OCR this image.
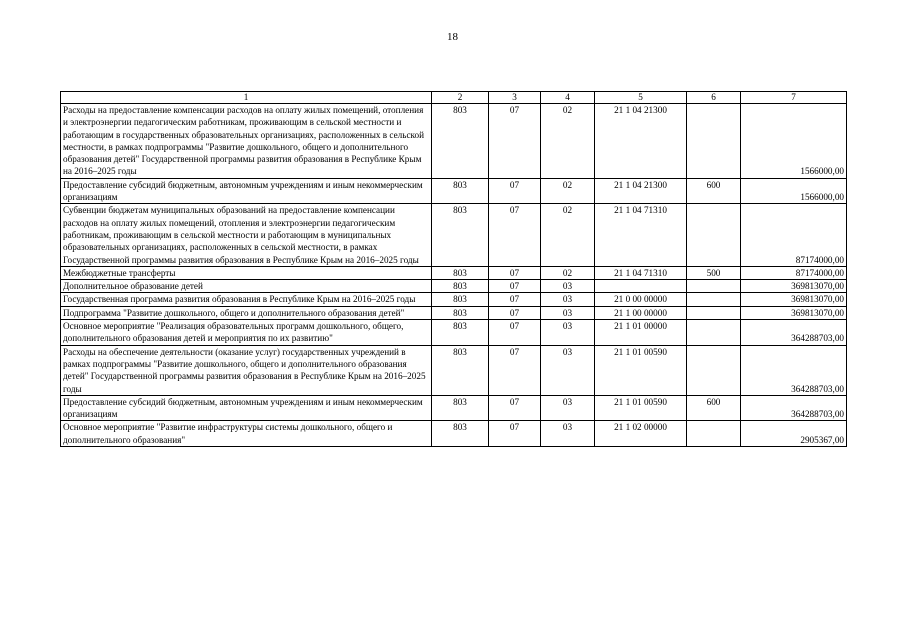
18
1	2	3	4	5	6	7
Расходы на предоставление компенсации расходов на оплату жилых помещений, отопления и электроэнергии педагогическим работникам, проживающим в сельской местности и работающим в государственных образовательных организациях, расположенных в сельской местности, в рамках подпрограммы "Развитие дошкольного, общего и дополнительного образования детей" Государственной программы развития образования в Республике Крым на 2016–2025 годы	803	07	02	21 1 04 21300		1566000,00
Предоставление субсидий бюджетным, автономным учреждениям и иным некоммерческим организациям	803	07	02	21 1 04 21300	600	1566000,00
Субвенции бюджетам муниципальных образований на предоставление компенсации расходов на оплату жилых помещений, отопления и электроэнергии педагогическим работникам, проживающим в сельской местности и работающим в муниципальных образовательных организациях, расположенных в сельской местности, в рамках Государственной программы развития образования в Республике Крым на 2016–2025 годы	803	07	02	21 1 04 71310		87174000,00
Межбюджетные трансферты	803	07	02	21 1 04 71310	500	87174000,00
Дополнительное образование детей	803	07	03			369813070,00
Государственная программа развития образования в Республике Крым на 2016–2025 годы	803	07	03	21 0 00 00000		369813070,00
Подпрограмма "Развитие дошкольного, общего и дополнительного образования детей"	803	07	03	21 1 00 00000		369813070,00
Основное мероприятие "Реализация образовательных программ дошкольного, общего, дополнительного образования детей и мероприятия по их развитию"	803	07	03	21 1 01 00000		364288703,00
Расходы на обеспечение деятельности (оказание услуг) государственных учреждений в рамках подпрограммы "Развитие дошкольного, общего и дополнительного образования детей" Государственной программы развития образования в Республике Крым на 2016–2025 годы	803	07	03	21 1 01 00590		364288703,00
Предоставление субсидий бюджетным, автономным учреждениям и иным некоммерческим организациям	803	07	03	21 1 01 00590	600	364288703,00
Основное мероприятие "Развитие инфраструктуры системы дошкольного, общего и дополнительного образования"	803	07	03	21 1 02 00000		2905367,00
